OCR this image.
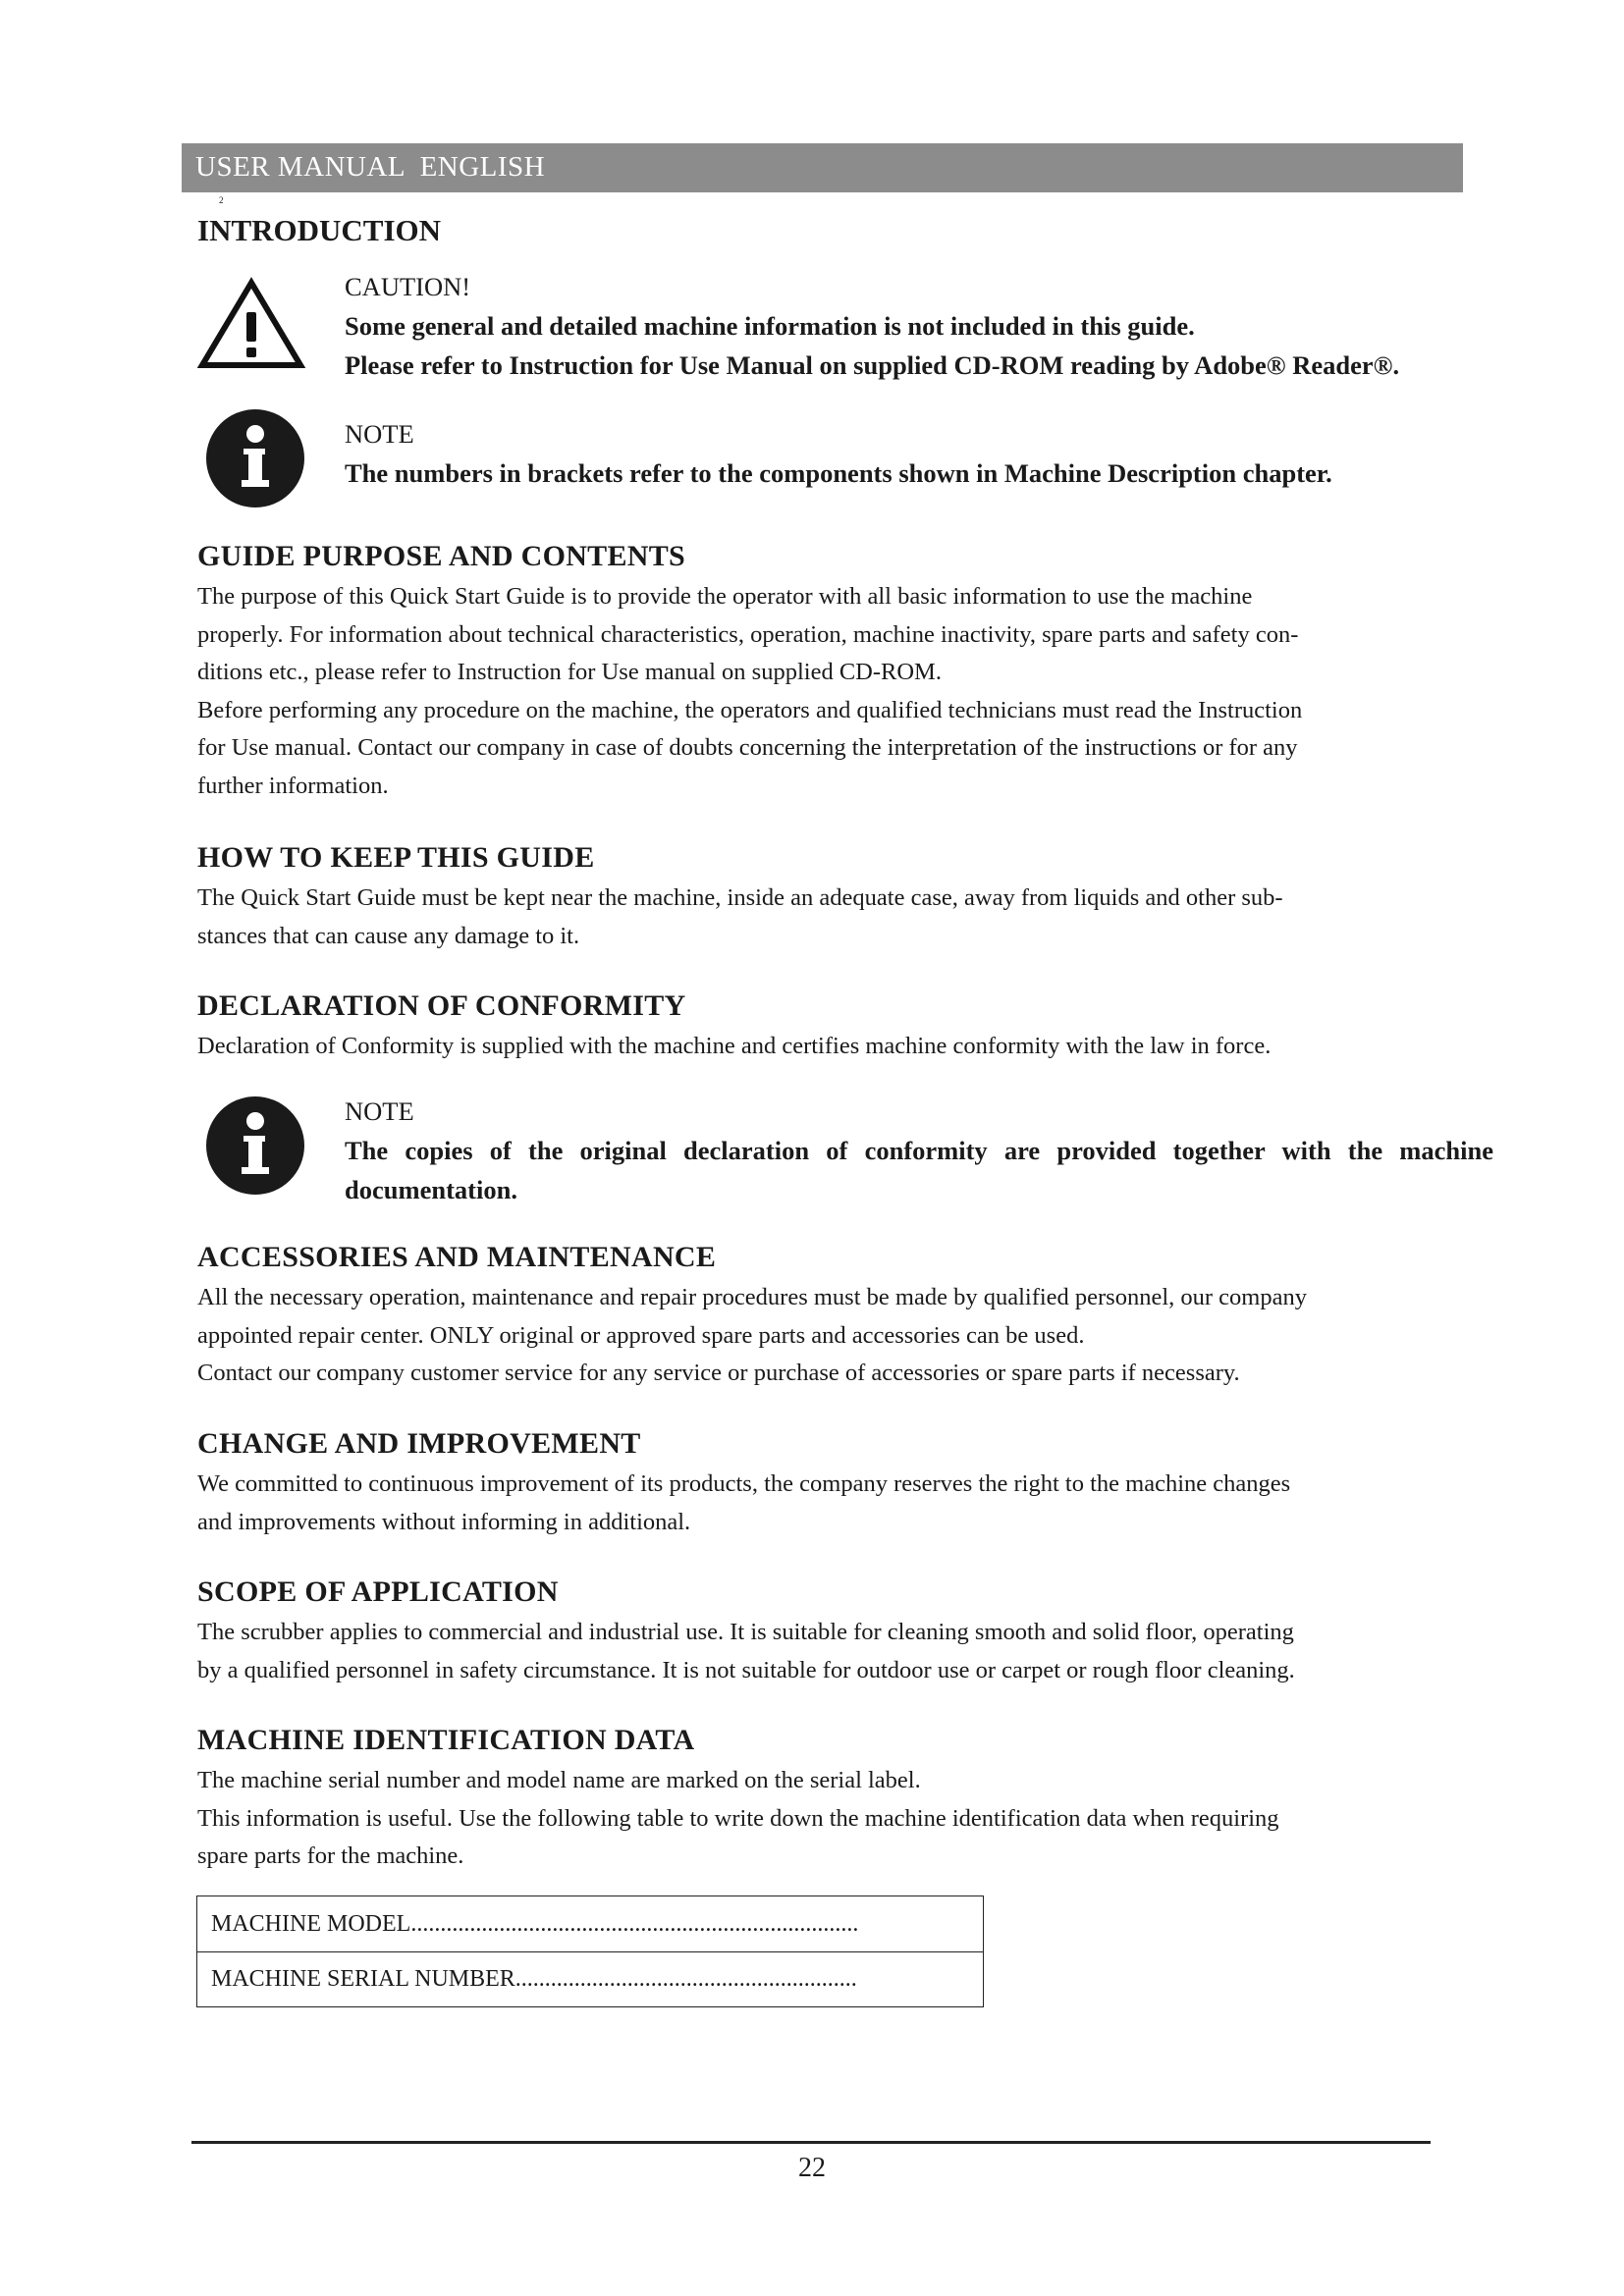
USER MANUAL  ENGLISH
2
INTRODUCTION
CAUTION!
Some general and detailed machine information is not included in this guide.
Please refer to Instruction for Use Manual on supplied CD-ROM reading by Adobe® Reader®.
NOTE
The numbers in brackets refer to the components shown in Machine Description chapter.
GUIDE PURPOSE AND CONTENTS
The purpose of this Quick Start Guide is to provide the operator with all basic information to use the machine
properly. For information about technical characteristics, operation, machine inactivity, spare parts and safety con-
ditions etc., please refer to Instruction for Use manual on supplied CD-ROM.
Before performing any procedure on the machine, the operators and qualified technicians must read the Instruction
for Use manual. Contact our company in case of doubts concerning the interpretation of the instructions or for any
further information.
HOW TO KEEP THIS GUIDE
The Quick Start Guide must be kept near the machine, inside an adequate case, away from liquids and other sub-
stances that can cause any damage to it.
DECLARATION OF CONFORMITY
Declaration of Conformity is supplied with the machine and certifies machine conformity with the law in force.
NOTE
The copies of the original declaration of conformity are provided together with the machine
documentation.
ACCESSORIES AND MAINTENANCE
All the necessary operation, maintenance and repair procedures must be made by qualified personnel, our company
appointed repair center. ONLY original or approved spare parts and accessories can be used.
Contact our company customer service for any service or purchase of accessories or spare parts if necessary.
CHANGE AND IMPROVEMENT
We committed to continuous improvement of its products, the company reserves the right to the machine changes
and improvements without informing in additional.
SCOPE OF APPLICATION
The scrubber applies to commercial and industrial use. It is suitable for cleaning smooth and solid floor, operating
by a qualified personnel in safety circumstance. It is not suitable for outdoor use or carpet or rough floor cleaning.
MACHINE IDENTIFICATION DATA
The machine serial number and model name are marked on the serial label.
This information is useful. Use the following table to write down the machine identification data when requiring
spare parts for the machine.
MACHINE MODEL............................................................................
MACHINE SERIAL NUMBER..........................................................
22
